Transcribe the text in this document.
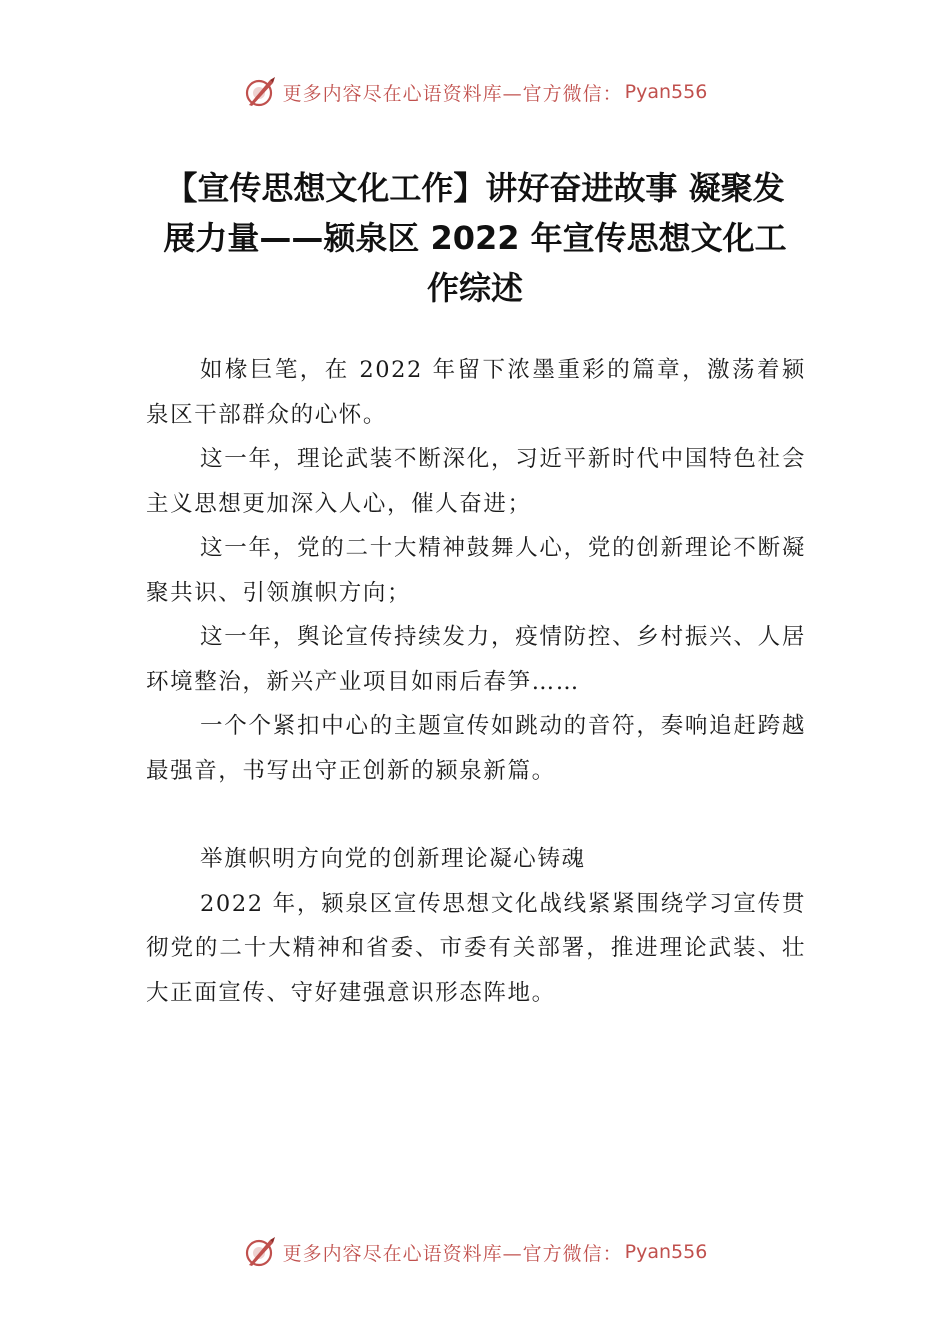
更多内容尽在心语资料库—官方微信： Pyan556
【宣传思想文化工作】讲好奋进故事 凝聚发展力量——颍泉区 2022 年宣传思想文化工作综述

如椽巨笔，在 2022 年留下浓墨重彩的篇章，激荡着颍泉区干部群众的心怀。

这一年，理论武装不断深化，习近平新时代中国特色社会主义思想更加深入人心，催人奋进；

这一年，党的二十大精神鼓舞人心，党的创新理论不断凝聚共识、引领旗帜方向；

这一年，舆论宣传持续发力，疫情防控、乡村振兴、人居环境整治，新兴产业项目如雨后春笋……

一个个紧扣中心的主题宣传如跳动的音符，奏响追赶跨越最强音，书写出守正创新的颍泉新篇。

举旗帜明方向党的创新理论凝心铸魂

2022 年，颍泉区宣传思想文化战线紧紧围绕学习宣传贯彻党的二十大精神和省委、市委有关部署，推进理论武装、壮大正面宣传、守好建强意识形态阵地。

更多内容尽在心语资料库—官方微信： Pyan556
